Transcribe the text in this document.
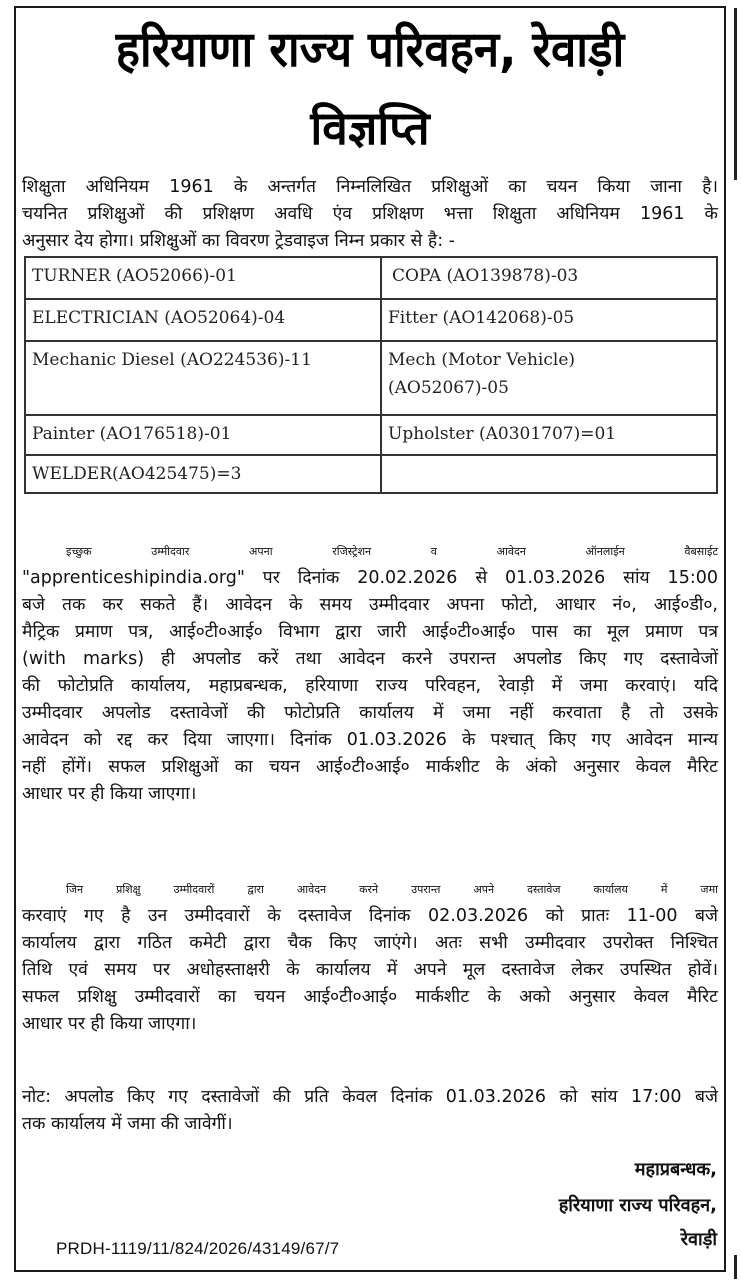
हरियाणा राज्य परिवहन, रेवाड़ी
विज्ञप्ति
शिक्षुता अधिनियम 1961 के अन्तर्गत निम्नलिखित प्रशिक्षुओं का चयन किया जाना है।
चयनित प्रशिक्षुओं की प्रशिक्षण अवधि एंव प्रशिक्षण भत्ता शिक्षुता अधिनियम 1961 के
अनुसार देय होगा। प्रशिक्षुओं का विवरण ट्रेडवाइज निम्न प्रकार से है: -
TURNER (AO52066)-01	COPA (AO139878)-03
ELECTRICIAN (AO52064)-04	Fitter (AO142068)-05
Mechanic Diesel (AO224536)-11	Mech (Motor Vehicle)
(AO52067)-05

Painter (AO176518)-01	Upholster (A0301707)=01
WELDER(AO425475)=3	
इच्छुक उम्मीदवार अपना रजिस्ट्रेशन व आवेदन ऑनलाईन वैबसाईट
"apprenticeshipindia.org" पर दिनांक 20.02.2026 से 01.03.2026 सांय 15:00
बजे तक कर सकते हैं। आवेदन के समय उम्मीदवार अपना फोटो, आधार नं०, आई०डी०,
मैट्रिक प्रमाण पत्र, आई०टी०आई० विभाग द्वारा जारी आई०टी०आई० पास का मूल प्रमाण पत्र
(with marks) ही अपलोड करें तथा आवेदन करने उपरान्त अपलोड किए गए दस्तावेजों
की फोटोप्रति कार्यालय, महाप्रबन्धक, हरियाणा राज्य परिवहन, रेवाड़ी में जमा करवाएं। यदि
उम्मीदवार अपलोड दस्तावेजों की फोटोप्रति कार्यालय में जमा नहीं करवाता है तो उसके
आवेदन को रद्द कर दिया जाएगा। दिनांक 01.03.2026 के पश्चात् किए गए आवेदन मान्य
नहीं होंगें। सफल प्रशिक्षुओं का चयन आई०टी०आई० मार्कशीट के अंको अनुसार केवल मैरिट
आधार पर ही किया जाएगा।
जिन प्रशिक्षु उम्मीदवारों द्वारा आवेदन करने उपरान्त अपने दस्तावेज कार्यालय में जमा
करवाएं गए है उन उम्मीदवारों के दस्तावेज दिनांक 02.03.2026 को प्रातः 11-00 बजे
कार्यालय द्वारा गठित कमेटी द्वारा चैक किए जाएंगे। अतः सभी उम्मीदवार उपरोक्त निश्चित
तिथि एवं समय पर अधोहस्ताक्षरी के कार्यालय में अपने मूल दस्तावेज लेकर उपस्थित होवें।
सफल प्रशिक्षु उम्मीदवारों का चयन आई०टी०आई० मार्कशीट के अको अनुसार केवल मैरिट
आधार पर ही किया जाएगा।
नोट: अपलोड किए गए दस्तावेजों की प्रति केवल दिनांक 01.03.2026 को सांय 17:00 बजे
तक कार्यालय में जमा की जावेगीं।
महाप्रबन्धक,
हरियाणा राज्य परिवहन,
रेवाड़ी
PRDH-1119/11/824/2026/43149/67/7
